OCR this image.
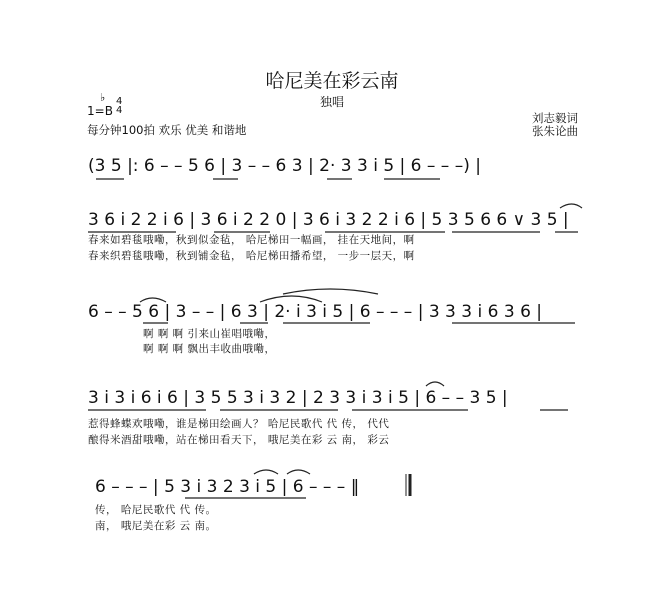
哈尼美在彩云南
独唱
1=B
♭ 4
4
每分钟100拍 欢乐 优美 和谐地
刘志毅词
张朱论曲
(3 5 |: 6 – – 5 6 | 3 – – 6 3 | 2· 3 3 i 5 | 6 – – –) |
春来如碧毯哦嘞，秋到似金毡， 哈尼梯田一幅画， 挂在天地间，啊
春来织碧毯哦嘞，秋到铺金毡， 哈尼梯田播希望， 一步一层天，啊
3 6 i 2 2 i 6 | 3 6 i 2 2 0 | 3 6 i 3 2 2 i 6 | 5 3 5 6 6 ∨ 3 5 |
6 – – 5 6 | 3 – – | 6 3 | 2· i 3 i 5 | 6 – – – | 3 3 3 i 6 3 6 |
啊 啊 啊 引来山崔唱哦嘞，
啊 啊 啊 飘出丰收曲哦嘞，
3 i 3 i 6 i 6 | 3 5 5 3 i 3 2 | 2 3 3 i 3 i 5 | 6 – – 3 5 |
惹得蜂蝶欢哦嘞，谁是梯田绘画人？ 哈尼民歌代 代 传， 代代
酿得米酒甜哦嘞，站在梯田看天下， 哦尼美在彩 云 南， 彩云
6 – – – | 5 3 i 3 2 3 i 5 | 6 – – – ‖
传， 哈尼民歌代 代 传。
南， 哦尼美在彩 云 南。
